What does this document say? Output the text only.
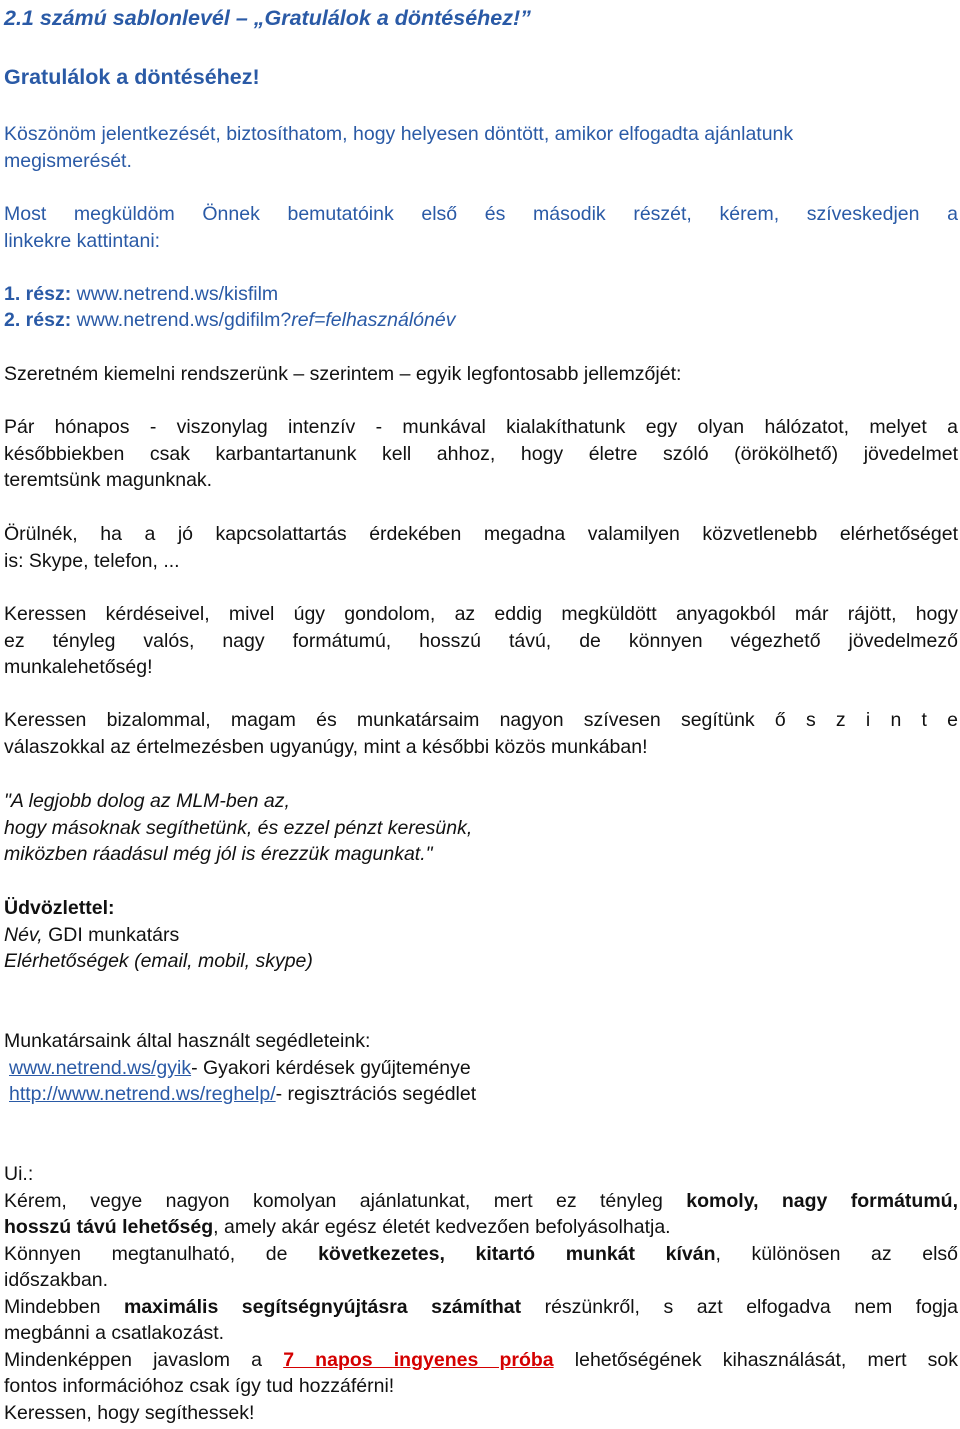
2.1 számú sablonlevél – „Gratulálok a döntéséhez!”
Gratulálok a döntéséhez!
Köszönöm jelentkezését, biztosíthatom, hogy helyesen döntött, amikor elfogadta ajánlatunk
megismerését.
Most megküldöm Önnek bemutatóink első és második részét, kérem, szíveskedjen a
linkekre kattintani:
1. rész: www.netrend.ws/kisfilm
2. rész: www.netrend.ws/gdifilm?ref=felhasználónév
Szeretném kiemelni rendszerünk – szerintem – egyik legfontosabb jellemzőjét:
Pár hónapos - viszonylag intenzív - munkával kialakíthatunk egy olyan hálózatot, melyet a
későbbiekben csak karbantartanunk kell ahhoz, hogy életre szóló (örökölhető) jövedelmet
teremtsünk magunknak.
Örülnék, ha a jó kapcsolattartás érdekében megadna valamilyen közvetlenebb elérhetőséget
is: Skype, telefon, ...
Keressen kérdéseivel, mivel úgy gondolom, az eddig megküldött anyagokból már rájött, hogy
ez tényleg valós, nagy formátumú, hosszú távú, de könnyen végezhető jövedelmező
munkalehetőség!
Keressen bizalommal, magam és munkatársaim nagyon szívesen segítünk ő s z i n t e
válaszokkal az értelmezésben ugyanúgy, mint a későbbi közös munkában!
"A legjobb dolog az MLM-ben az,
hogy másoknak segíthetünk, és ezzel pénzt keresünk,
miközben ráadásul még jól is érezzük magunkat."
Üdvözlettel:
Név, GDI munkatárs
Elérhetőségek (email, mobil, skype)
Munkatársaink által használt segédleteink:
www.netrend.ws/gyik- Gyakori kérdések gyűjteménye
http://www.netrend.ws/reghelp/- regisztrációs segédlet
Ui.:
Kérem, vegye nagyon komolyan ajánlatunkat, mert ez tényleg komoly, nagy formátumú,
hosszú távú lehetőség, amely akár egész életét kedvezően befolyásolhatja.
Könnyen megtanulható, de következetes, kitartó munkát kíván, különösen az első
időszakban.
Mindebben maximális segítségnyújtásra számíthat részünkről, s azt elfogadva nem fogja
megbánni a csatlakozást.
Mindenképpen javaslom a 7 napos ingyenes próba lehetőségének kihasználását, mert sok
fontos információhoz csak így tud hozzáférni!
Keressen, hogy segíthessek!
